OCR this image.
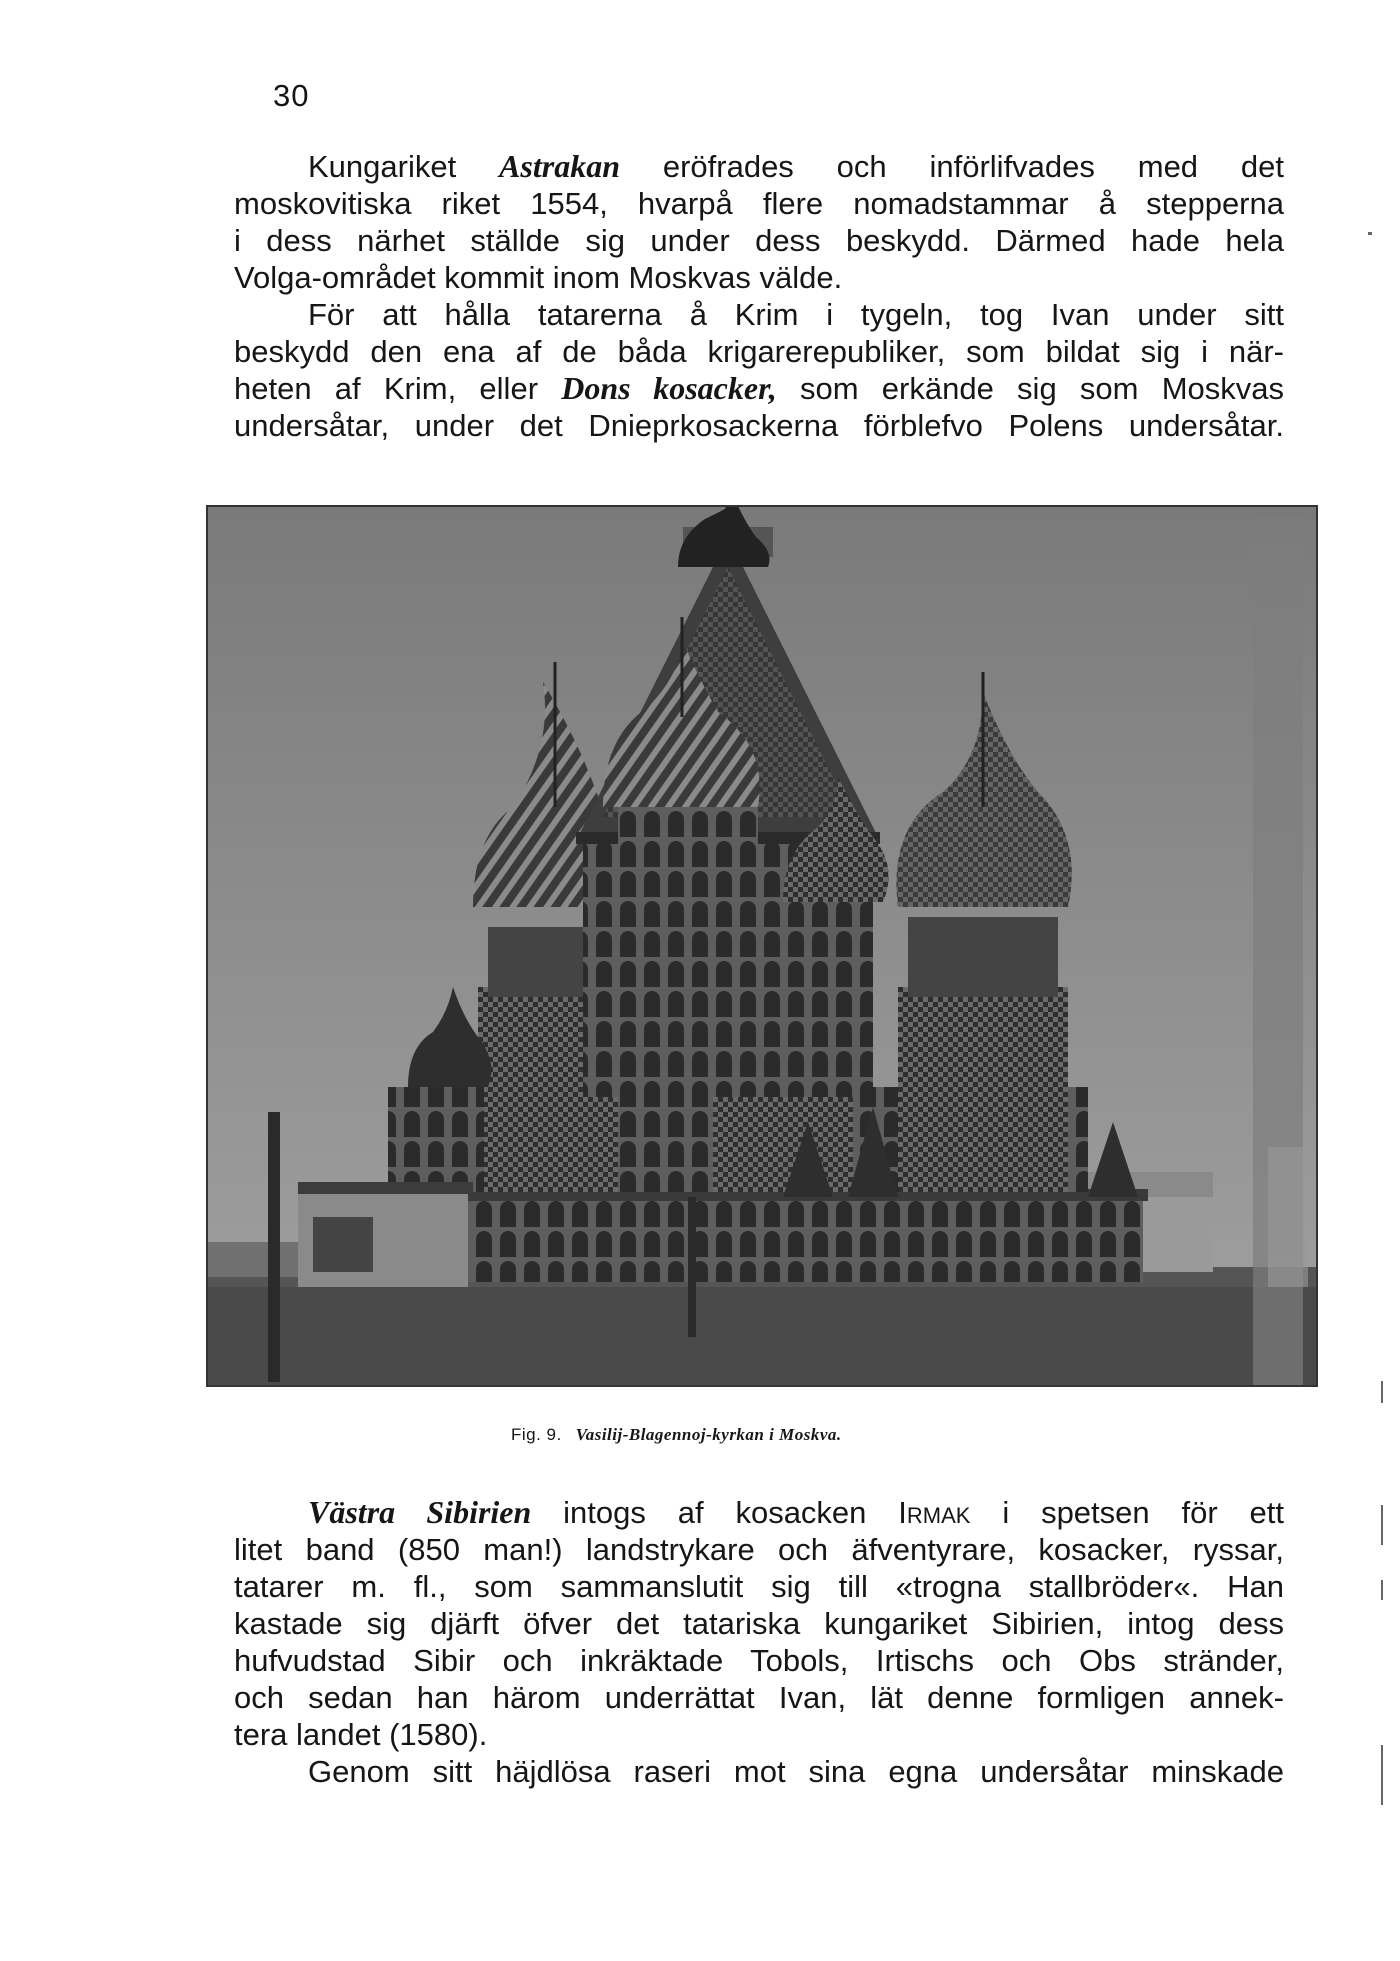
30
Kungariket Astrakan eröfrades och införlifvades med det
moskovitiska riket 1554, hvarpå flere nomadstammar å stepperna
i dess närhet ställde sig under dess beskydd. Därmed hade hela
Volga-området kommit inom Moskvas välde.
För att hålla tatarerna å Krim i tygeln, tog Ivan under sitt
beskydd den ena af de båda krigarerepubliker, som bildat sig i när-
heten af Krim, eller Dons kosacker, som erkände sig som Moskvas
undersåtar, under det Dnieprkosackerna förblefvo Polens undersåtar.
Fig. 9. Vasilij-Blagennoj-kyrkan i Moskva.
Västra Sibirien intogs af kosacken Irmak i spetsen för ett
litet band (850 man!) landstrykare och äfventyrare, kosacker, ryssar,
tatarer m. fl., som sammanslutit sig till «trogna stallbröder«. Han
kastade sig djärft öfver det tatariska kungariket Sibirien, intog dess
hufvudstad Sibir och inkräktade Tobols, Irtischs och Obs stränder,
och sedan han härom underrättat Ivan, lät denne formligen annek-
tera landet (1580).
Genom sitt häjdlösa raseri mot sina egna undersåtar minskade
